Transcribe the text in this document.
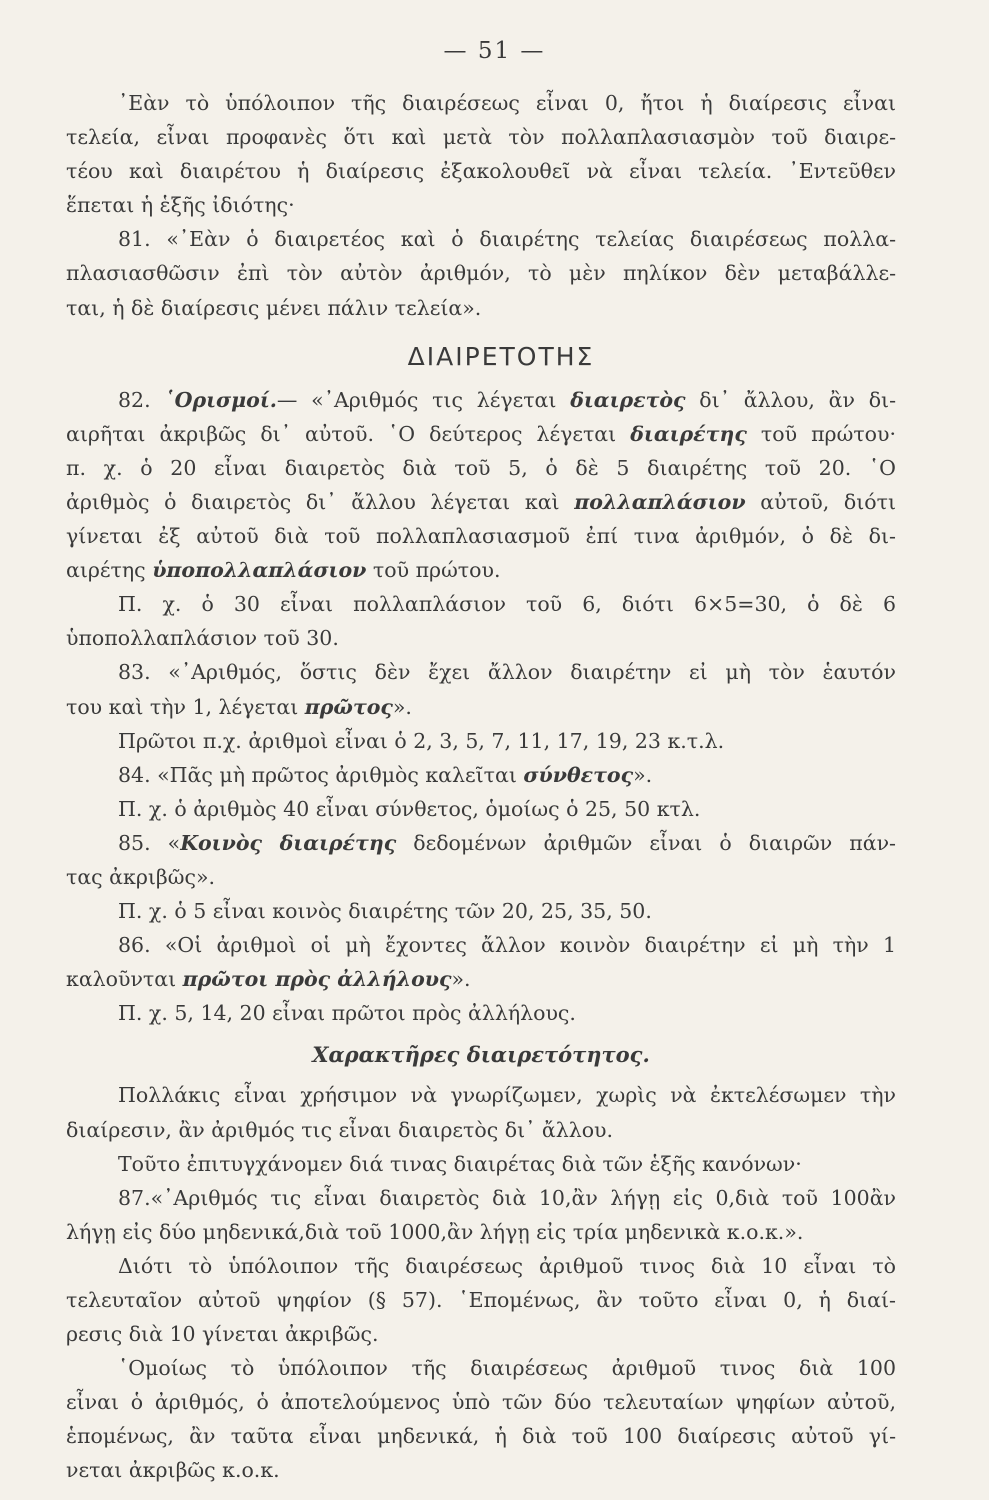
— 51 —
᾿Εὰν τὸ ὑπόλοιπον τῆς διαιρέσεως εἶναι 0, ἤτοι ἡ διαίρεσις εἶναι
τελεία, εἶναι προφανὲς ὅτι καὶ μετὰ τὸν πολλαπλασιασμὸν τοῦ διαιρε-
τέου καὶ διαιρέτου ἡ διαίρεσις ἐξακολουθεῖ νὰ εἶναι τελεία. ᾿Εντεῦθεν
ἕπεται ἡ ἑξῆς ἰδιότης·
81. «᾿Εὰν ὁ διαιρετέος καὶ ὁ διαιρέτης τελείας διαιρέσεως πολλα-
πλασιασθῶσιν ἐπὶ τὸν αὐτὸν ἀριθμόν, τὸ μὲν πηλίκον δὲν μεταβάλλε-
ται, ἡ δὲ διαίρεσις μένει πάλιν τελεία».
ΔΙΑΙΡΕΤΟΤΗΣ
82. ῾Ορισμοί.— «᾿Αριθμός τις λέγεται διαιρετὸς δι᾿ ἄλλου, ἂν δι-
αιρῆται ἀκριβῶς δι᾿ αὐτοῦ. ῾Ο δεύτερος λέγεται διαιρέτης τοῦ πρώτου·
π. χ. ὁ 20 εἶναι διαιρετὸς διὰ τοῦ 5, ὁ δὲ 5 διαιρέτης τοῦ 20. ῾Ο
ἀριθμὸς ὁ διαιρετὸς δι᾿ ἄλλου λέγεται καὶ πολλαπλάσιον αὐτοῦ, διότι
γίνεται ἐξ αὐτοῦ διὰ τοῦ πολλαπλασιασμοῦ ἐπί τινα ἀριθμόν, ὁ δὲ δι-
αιρέτης ὑποπολλαπλάσιον τοῦ πρώτου.
Π. χ. ὁ 30 εἶναι πολλαπλάσιον τοῦ 6, διότι 6×5=30, ὁ δὲ 6
ὑποπολλαπλάσιον τοῦ 30.
83. «᾿Αριθμός, ὅστις δὲν ἔχει ἄλλον διαιρέτην εἰ μὴ τὸν ἑαυτόν
του καὶ τὴν 1, λέγεται πρῶτος».
Πρῶτοι π.χ. ἀριθμοὶ εἶναι ὁ 2, 3, 5, 7, 11, 17, 19, 23 κ.τ.λ.
84. «Πᾶς μὴ πρῶτος ἀριθμὸς καλεῖται σύνθετος».
Π. χ. ὁ ἀριθμὸς 40 εἶναι σύνθετος, ὁμοίως ὁ 25, 50 κτλ.
85. «Κοινὸς διαιρέτης δεδομένων ἀριθμῶν εἶναι ὁ διαιρῶν πάν-
τας ἀκριβῶς».
Π. χ. ὁ 5 εἶναι κοινὸς διαιρέτης τῶν 20, 25, 35, 50.
86. «Οἱ ἀριθμοὶ οἱ μὴ ἔχοντες ἄλλον κοινὸν διαιρέτην εἰ μὴ τὴν 1
καλοῦνται πρῶτοι πρὸς ἀλλήλους».
Π. χ. 5, 14, 20 εἶναι πρῶτοι πρὸς ἀλλήλους.
Χαρακτῆρες διαιρετότητος.
Πολλάκις εἶναι χρήσιμον νὰ γνωρίζωμεν, χωρὶς νὰ ἐκτελέσωμεν τὴν
διαίρεσιν, ἂν ἀριθμός τις εἶναι διαιρετὸς δι᾿ ἄλλου.
Τοῦτο ἐπιτυγχάνομεν διά τινας διαιρέτας διὰ τῶν ἑξῆς κανόνων·
87.«᾿Αριθμός τις εἶναι διαιρετὸς διὰ 10,ἂν λήγῃ εἰς 0,διὰ τοῦ 100ἂν
λήγῃ εἰς δύο μηδενικά,διὰ τοῦ 1000,ἂν λήγῃ εἰς τρία μηδενικὰ κ.ο.κ.».
Διότι τὸ ὑπόλοιπον τῆς διαιρέσεως ἀριθμοῦ τινος διὰ 10 εἶναι τὸ
τελευταῖον αὐτοῦ ψηφίον (§ 57). ῾Επομένως, ἂν τοῦτο εἶναι 0, ἡ διαί-
ρεσις διὰ 10 γίνεται ἀκριβῶς.
῾Ομοίως τὸ ὑπόλοιπον τῆς διαιρέσεως ἀριθμοῦ τινος διὰ 100
εἶναι ὁ ἀριθμός, ὁ ἀποτελούμενος ὑπὸ τῶν δύο τελευταίων ψηφίων αὐτοῦ,
ἑπομένως, ἂν ταῦτα εἶναι μηδενικά, ἡ διὰ τοῦ 100 διαίρεσις αὐτοῦ γί-
νεται ἀκριβῶς κ.ο.κ.
